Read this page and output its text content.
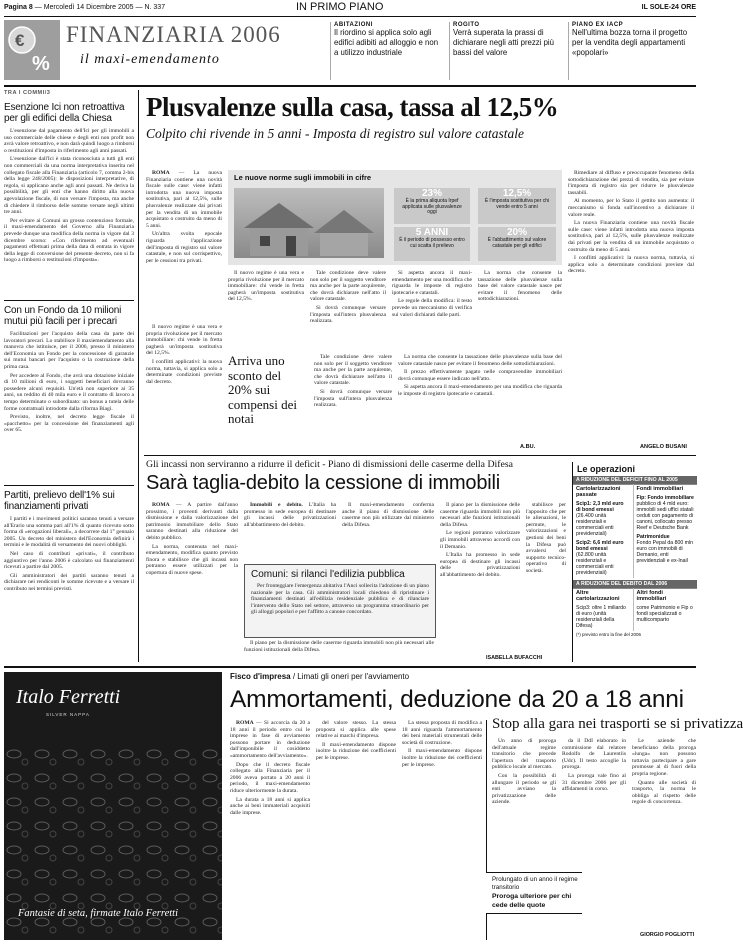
Pagina 8 — Mercoledì 14 Dicembre 2005 — N. 337	IN PRIMO PIANO	IL SOLE-24 ORE
€
%
FINANZIARIA 2006
il maxi-emendamento
ABITAZIONI
Il riordino si applica solo agli edifici adibiti ad alloggio e non a utilizzo industriale
ROGITO
Verrà superata la prassi di dichiarare negli atti prezzi più bassi del valore
PIANO EX IACP
Nell'ultima bozza torna il progetto per la vendita degli appartamenti «popolari»
TRA I COMMI/3
Esenzione Ici non retroattiva per gli edifici della Chiesa

L'esenzione dal pagamento dell'Ici per gli immobili a uso commerciale delle chiese e degli enti non profit non avrà valore retroattivo, e non darà quindi luogo a rimborsi o restituzioni d'imposta in riferimento agli anni passati.

L'esenzione dall'Ici è stata riconosciuta a tutti gli enti non commerciali da una norma interpretativa inserita nel collegato fiscale alla Finanziaria (articolo 7, comma 2-bis della legge 248/2005): le disposizioni interpretative, di regola, si applicano anche agli anni passati. Ne deriva la possibilità, per gli enti che hanno diritto alla nuova agevolazione fiscale, di non versare l'imposta, ma anche di chiedere il rimborso delle somme versate negli ultimi tre anni.

Per evitare ai Comuni un grosso contenzioso formale, il maxi-emendamento del Governo alla Finanziaria prevede dunque una modifica della norma in vigore dal 3 dicembre scorso: «Con riferimento ad eventuali pagamenti effettuati prima della data di entrata in vigore della legge di conversione del presente decreto, non si fa luogo a rimborsi o restituzioni d'imposta».

Con un Fondo da 10 milioni mutui più facili per i precari

Facilitazioni per l'acquisto della casa da parte dei lavoratori precari. Lo stabilisce il maxiemendamento alla manovra che istituisce, per il 2006, presso il ministero dell'Economia un Fondo per la concessione di garanzie sui mutui bancari per l'acquisto o la costruzione della prima casa.

Per accedere al Fondo, che avrà una dotazione iniziale di 10 milioni di euro, i soggetti beneficiari dovranno possedere alcuni requisiti. Un'età non superiore ai 35 anni, un reddito di 40 mila euro e il contratto di lavoro a tempo determinato o subordinato: un bonus a tutela delle forme contrattuali introdotte dalla riforma Biagi.

Previsto, inoltre, nel decreto legge fiscale il «pacchetto» per la concessione dei finanziamenti agli over 65.

Partiti, prelievo dell'1% sui finanziamenti privati

I partiti e i movimenti politici saranno tenuti a versare all'Erario una somma pari all'1% di quanto ricevuto sotto forma di «erogazioni liberali», a decorrere dal 1° gennaio 2005. Un decreto del ministero dell'Economia definirà i termini e le modalità di versamento dei nuovi obblighi.

Nel caso di contributi «privati», il contributo aggiuntivo per l'anno 2006 è calcolato sui finanziamenti ricevuti a partire dal 2005.

Gli amministratori dei partiti saranno tenuti a dichiarare nei rendiconti le somme ricevute e a versare il contributo nei termini previsti.

Plusvalenze sulla casa, tassa al 12,5%
Colpito chi rivende in 5 anni - Imposta di registro sul valore catastale
Le nuove norme sugli immobili in cifre
23%
È la prima aliquota Irpef applicata sulle plusvalenze oggi
12,5%
È l'imposta sostitutiva per chi vende entro 5 anni
5 ANNI
È il periodo di possesso entro cui scatta il prelievo
20%
È l'abbattimento sul valore catastale per gli edifici

ROMA — La nuova Finanziaria contiene una novità fiscale sulle case: viene infatti introdotta una nuova imposta sostitutiva, pari al 12,5%, sulle plusvalenze realizzate dai privati per la vendita di un immobile acquistato o costruito da meno di 5 anni.

Un'altra svolta epocale riguarda l'applicazione dell'imposta di registro sul valore catastale, e non sul corrispettivo, per le cessioni tra privati.

Il nuovo regime è una vera e propria rivoluzione per il mercato immobiliare: chi vende in fretta pagherà un'imposta sostitutiva del 12,5%.

I conflitti applicativi: la nuova norma, tuttavia, si applica solo a determinate condizioni previste dal decreto.

Il nuovo regime è una vera e propria rivoluzione per il mercato immobiliare: chi vende in fretta pagherà un'imposta sostitutiva del 12,5%.

Tale condizione deve valere non solo per il soggetto venditore ma anche per la parte acquirente, che dovrà dichiarare nell'atto il valore catastale.

Si dovrà comunque versare l'imposta sull'intera plusvalenza realizzata.

Si aspetta ancora il maxi-emendamento per una modifica che riguarda le imposte di registro ipotecarie e catastali.

Le regole della modifica: il testo prevede un meccanismo di verifica sui valori dichiarati dalle parti.

La norma che consente la tassazione delle plusvalenze sulla base del valore catastale nasce per evitare il fenomeno delle sottodichiarazioni.

Arriva uno sconto del 20% sui compensi dei notai

Tale condizione deve valere non solo per il soggetto venditore ma anche per la parte acquirente, che dovrà dichiarare nell'atto il valore catastale.

Si dovrà comunque versare l'imposta sull'intera plusvalenza realizzata.

La norma che consente la tassazione delle plusvalenze sulla base del valore catastale nasce per evitare il fenomeno delle sottodichiarazioni.

Il prezzo effettivamente pagato nelle compravendite immobiliari dovrà comunque essere indicato nell'atto.

Si aspetta ancora il maxi-emendamento per una modifica che riguarda le imposte di registro ipotecarie e catastali.

A.BU.

Rimediare al diffuso e preoccupante fenomeno della sottodichiarazione dei prezzi di vendita, sia per evitare l'imposta di registro sia per ridurre le plusvalenze tassabili.

Al momento, per lo Stato il gettito non aumenta: il meccanismo si fonda sull'incentivo a dichiarare il valore reale.

La nuova Finanziaria contiene una novità fiscale sulle case: viene infatti introdotta una nuova imposta sostitutiva, pari al 12,5%, sulle plusvalenze realizzate dai privati per la vendita di un immobile acquistato o costruito da meno di 5 anni.

I conflitti applicativi: la nuova norma, tuttavia, si applica solo a determinate condizioni previste dal decreto.

ANGELO BUSANI
Gli incassi non serviranno a ridurre il deficit - Piano di dismissioni delle caserme della Difesa
Sarà taglia-debito la cessione di immobili

ROMA — A partire dall'anno prossimo, i proventi derivanti dalla dismissione e dalla valorizzazione del patrimonio immobiliare dello Stato saranno destinati alla riduzione del debito pubblico.

La norma, contenuta nel maxi-emendamento, modifica quanto previsto finora e stabilisce che gli incassi non potranno essere utilizzati per la copertura di nuove spese.

Immobili e debito. L'Italia ha promesso in sede europea di destinare gli incassi delle privatizzazioni all'abbattimento del debito.

Il maxi-emendamento conferma anche il piano di dismissione delle caserme non più utilizzate dal ministero della Difesa.

Comuni: si rilanci l'edilizia pubblica

Per fronteggiare l'emergenza abitativa l'Anci sollecita l'adozione di un piano nazionale per la casa. Gli amministratori locali chiedono di ripristinare i finanziamenti destinati all'edilizia residenziale pubblica e di rilanciare l'intervento dello Stato nel settore, attraverso un programma straordinario per gli alloggi popolari e per l'affitto a canone concordato.

Il piano per la dismissione delle caserme riguarda immobili non più necessari alle funzioni istituzionali della Difesa.

Il piano per la dismissione delle caserme riguarda immobili non più necessari alle funzioni istituzionali della Difesa.

Le regioni potranno valorizzare gli immobili attraverso accordi con il Demanio.

L'Italia ha promesso in sede europea di destinare gli incassi delle privatizzazioni all'abbattimento del debito.

stabilisce per l'apposito che per le alienazioni, le permute, le valorizzazioni e gestioni dei beni la Difesa può avvalersi del supporto tecnico-operativo di società.

ISABELLA BUFACCHI
Le operazioni
A RIDUZIONE DEL DEFICIT FINO AL 2005
Cartolarizzazioni passate
Scip1: 2,3 mld euro di bond emessi
(26.400 unità residenziali e commerciali enti previdenziali)
Scip2: 6,6 mld euro bond emessi
(62.800 unità residenziali e commerciali enti previdenziali)
Fondi immobiliari
Fip: Fondo immobiliare
pubblico di 4 mld euro: immobili sedi uffici statali ceduti con pagamento di canoni, collocato presso Reef e Deutsche Bank
Patrimonidue
Fondo Pepal da 800 mln euro con immobili di Demanio, enti previdenziali e ex-Inail
A RIDUZIONE DEL DEBITO DAL 2006
Altre cartolarizzazioni
Scip3: oltre 1 miliardo di euro (unità residenziali della Difesa)
Altri fondi immobiliari
come Patrimonio e Fip o fondi specializzati o multicomparto
(*) previsto entro la fine del 2006
Italo Ferretti
SILVER NAPPA
Fantasie di seta, firmate Italo Ferretti
Fisco d'impresa / Limati gli oneri per l'avviamento
Ammortamenti, deduzione da 20 a 18 anni

ROMA — Si accorcia da 20 a 18 anni il periodo entro cui le imprese in fase di avviamento possono portare in deduzione dall'imponibile il cosiddetto «ammortamento dell'avviamento».

Dopo che il decreto fiscale collegato alla Finanziaria per il 2006 aveva portato a 20 anni il periodo, il maxi-emendamento riduce ulteriormente la durata.

La durata a 18 anni si applica anche ai beni immateriali acquisiti dalle imprese.

del valore stesso. La stessa proposta si applica alle spese relative ai marchi d'impresa.

Il maxi-emendamento dispone inoltre la riduzione dei coefficienti per le imprese.

La stessa proposta di modifica a 18 anni riguarda l'ammortamento dei beni materiali strumentali delle società di costruzione.

Il maxi-emendamento dispone inoltre la riduzione dei coefficienti per le imprese.

Stop alla gara nei trasporti se si privatizza

Un anno di proroga dell'attuale regime transitorio che precede l'apertura del trasporto pubblico locale al mercato.

Con la possibilità di allungare il periodo se gli enti avviano la privatizzazione delle aziende.

Prolungato di un anno il regime transitorio
Proroga ulteriore per chi cede delle quote

da il DdI elaborato in commissione dal relatore Rodolfo de Laurentiis (Udc). Il testo accoglie la proroga.

La proroga vale fino al 31 dicembre 2006 per gli affidamenti in corso.

Le aziende che beneficiano della proroga «lunga» non possono tuttavia partecipare a gare promosse al di fuori della propria regione.

Quanto alle società di trasporto, la norma le obbliga al rispetto delle regole di concorrenza.

GIORGIO POGLIOTTI
